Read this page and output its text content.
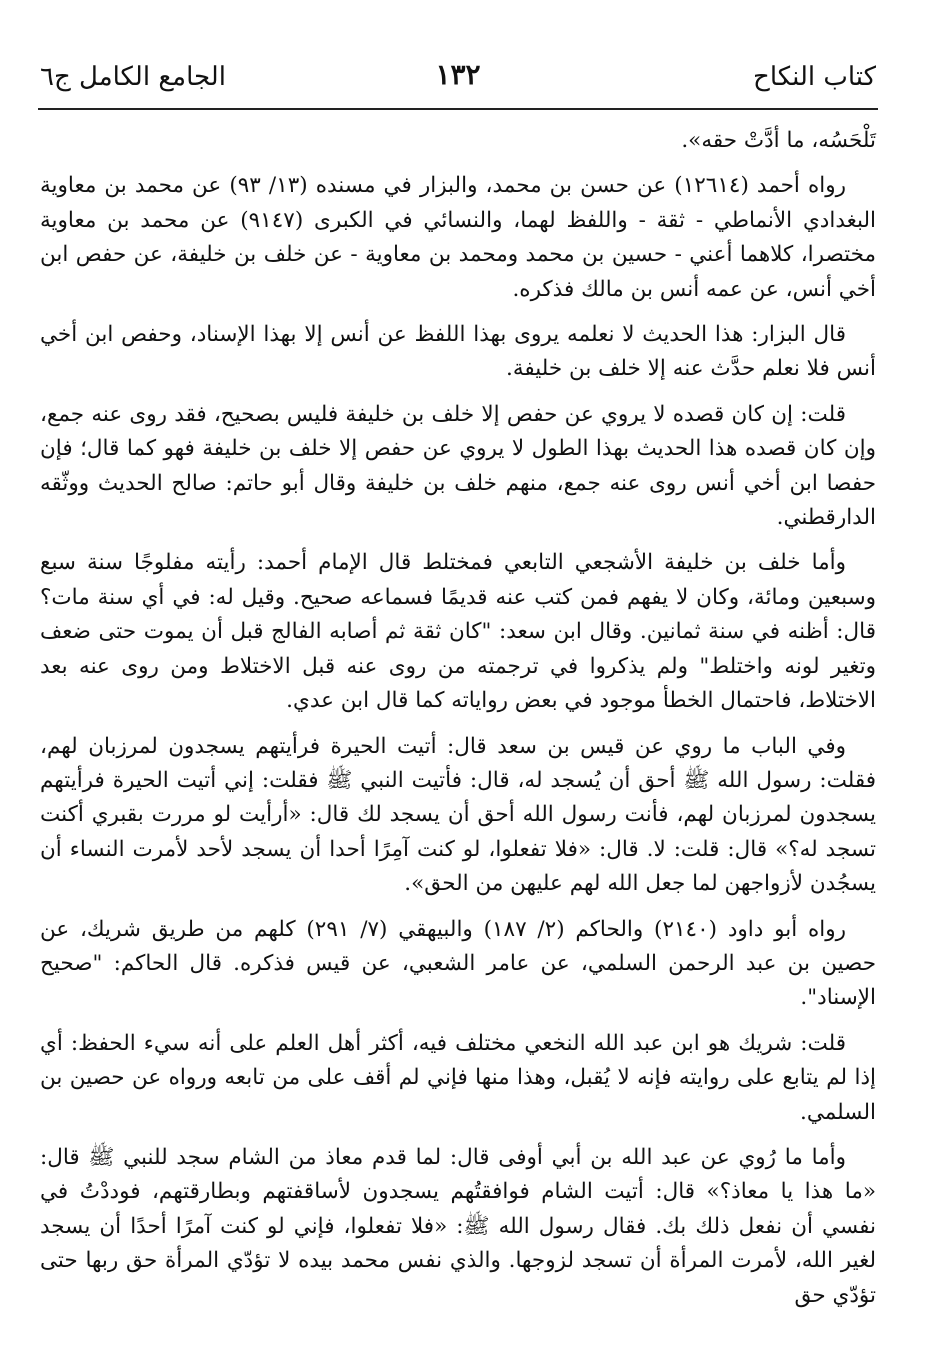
كتاب النكاح
١٣٢
الجامع الكامل ج٦

تَلْحَسُه، ما أدَّتْ حقه».

رواه أحمد (١٢٦١٤) عن حسن بن محمد، والبزار في مسنده (١٣/ ٩٣) عن محمد بن معاوية البغدادي الأنماطي - ثقة - واللفظ لهما، والنسائي في الكبرى (٩١٤٧) عن محمد بن معاوية مختصرا، كلاهما أعني - حسين بن محمد ومحمد بن معاوية - عن خلف بن خليفة، عن حفص ابن أخي أنس، عن عمه أنس بن مالك فذكره.

قال البزار: هذا الحديث لا نعلمه يروى بهذا اللفظ عن أنس إلا بهذا الإسناد، وحفص ابن أخي أنس فلا نعلم حدَّث عنه إلا خلف بن خليفة.

قلت: إن كان قصده لا يروي عن حفص إلا خلف بن خليفة فليس بصحيح، فقد روى عنه جمع، وإن كان قصده هذا الحديث بهذا الطول لا يروي عن حفص إلا خلف بن خليفة فهو كما قال؛ فإن حفصا ابن أخي أنس روى عنه جمع، منهم خلف بن خليفة وقال أبو حاتم: صالح الحديث ووثّقه الدارقطني.

وأما خلف بن خليفة الأشجعي التابعي فمختلط قال الإمام أحمد: رأيته مفلوجًا سنة سبع وسبعين ومائة، وكان لا يفهم فمن كتب عنه قديمًا فسماعه صحيح. وقيل له: في أي سنة مات؟ قال: أظنه في سنة ثمانين. وقال ابن سعد: "كان ثقة ثم أصابه الفالج قبل أن يموت حتى ضعف وتغير لونه واختلط" ولم يذكروا في ترجمته من روى عنه قبل الاختلاط ومن روى عنه بعد الاختلاط، فاحتمال الخطأ موجود في بعض رواياته كما قال ابن عدي.

وفي الباب ما روي عن قيس بن سعد قال: أتيت الحيرة فرأيتهم يسجدون لمرزبان لهم، فقلت: رسول الله ﷺ أحق أن يُسجد له، قال: فأتيت النبي ﷺ فقلت: إني أتيت الحيرة فرأيتهم يسجدون لمرزبان لهم، فأنت رسول الله أحق أن يسجد لك قال: «أرأيت لو مررت بقبري أكنت تسجد له؟» قال: قلت: لا. قال: «فلا تفعلوا، لو كنت آمِرًا أحدا أن يسجد لأحد لأمرت النساء أن يسجُدن لأزواجهن لما جعل الله لهم عليهن من الحق».

رواه أبو داود (٢١٤٠) والحاكم (٢/ ١٨٧) والبيهقي (٧/ ٢٩١) كلهم من طريق شريك، عن حصين بن عبد الرحمن السلمي، عن عامر الشعبي، عن قيس فذكره. قال الحاكم: "صحيح الإسناد".

قلت: شريك هو ابن عبد الله النخعي مختلف فيه، أكثر أهل العلم على أنه سيء الحفظ: أي إذا لم يتابع على روايته فإنه لا يُقبل، وهذا منها فإني لم أقف على من تابعه ورواه عن حصين بن السلمي.

وأما ما رُوي عن عبد الله بن أبي أوفى قال: لما قدم معاذ من الشام سجد للنبي ﷺ قال: «ما هذا يا معاذ؟» قال: أتيت الشام فوافقتُهم يسجدون لأساقفتهم وبطارقتهم، فوددْتُ في نفسي أن نفعل ذلك بك. فقال رسول الله ﷺ: «فلا تفعلوا، فإني لو كنت آمرًا أحدًا أن يسجد لغير الله، لأمرت المرأة أن تسجد لزوجها. والذي نفس محمد بيده لا تؤدّي المرأة حق ربها حتى تؤدّي حق
